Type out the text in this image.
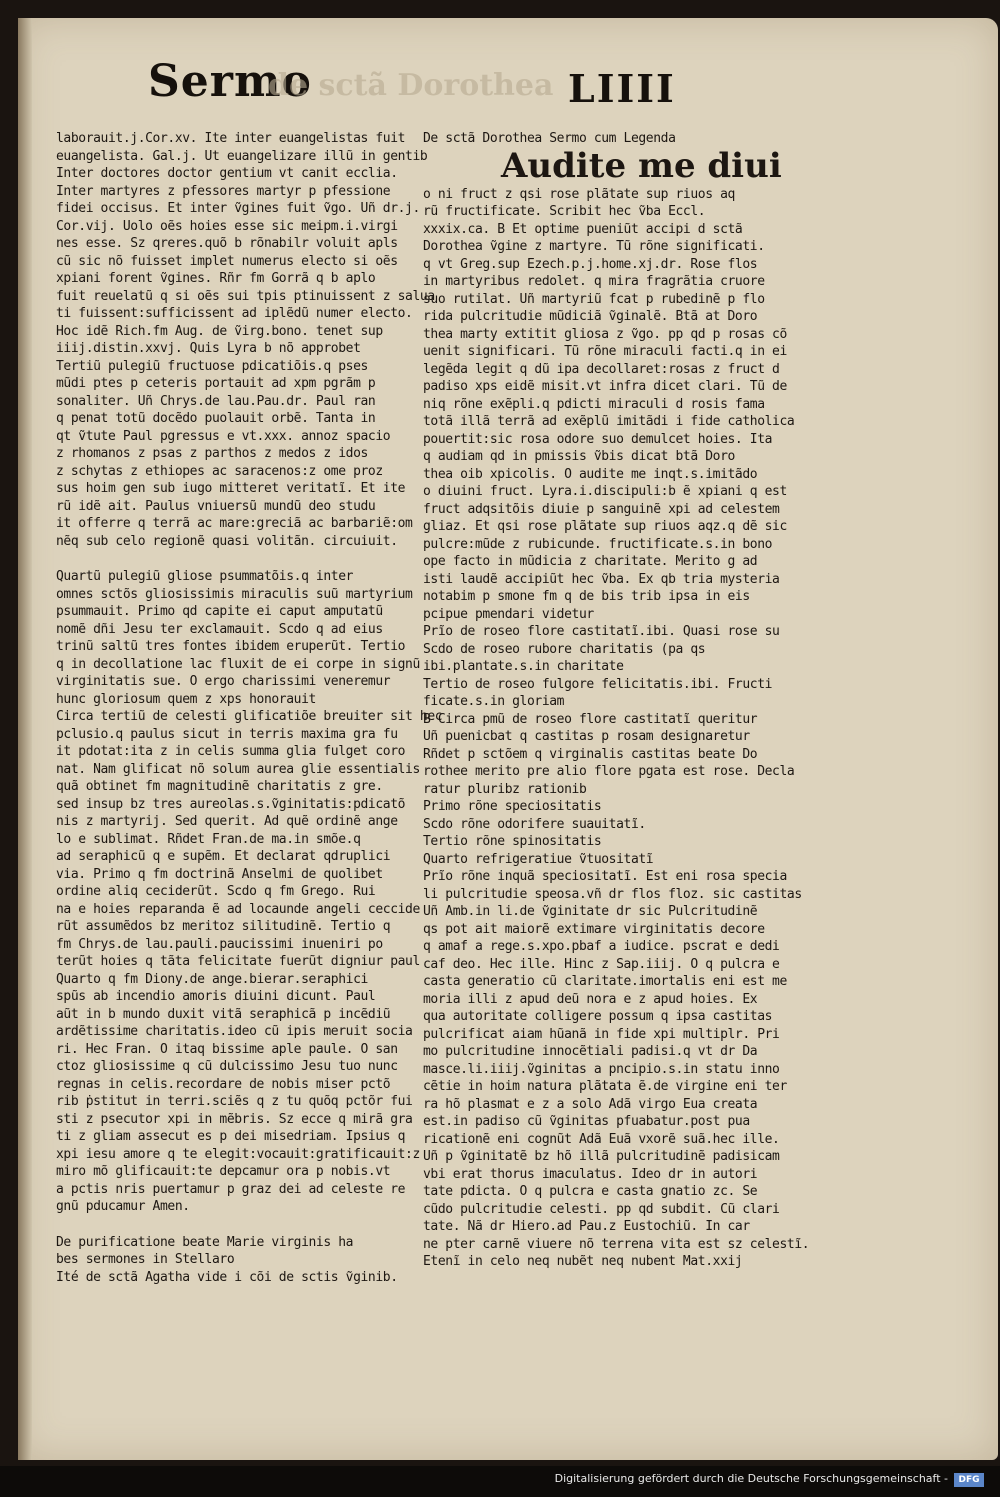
Sermo
de sctã Dorothea LIIII
laborauit.j.Cor.xv. Ite inter euangelistas fuit
euangelista. Gal.j. Ut euangelizare illũ in gentib
Inter doctores doctor gentium vt canit ecclia.
Inter martyres z pfessores martyr p pfessione
fidei occisus. Et inter ṽgines fuit ṽgo. Uñ dr.j.
Cor.vij. Uolo oẽs hoies esse sic meipm.i.virgi
nes esse. Sz qreres.quõ b rõnabilr voluit apls
cũ sic nõ fuisset implet numerus electo si oẽs
xpiani forent ṽgines. Rñr fm Gorrã q b aplo
fuit reuelatũ q si oẽs sui tpis ptinuissent z salua
ti fuissent:sufficissent ad iplẽdũ numer electo.
Hoc idẽ Rich.fm Aug. de ṽirg.bono. tenet sup
iiij.distin.xxvj. Quis Lyra b nõ approbet
Tertiũ pulegiũ fructuose pdicatiõis.q pses
mũdi ptes p ceteris portauit ad xpm pgrãm p
sonaliter. Uñ Chrys.de lau.Pau.dr. Paul ran
q penat totũ docẽdo puolauit orbẽ. Tanta in
qt ṽtute Paul pgressus e vt.xxx. annoz spacio
z rhomanos z psas z parthos z medos z idos
z schytas z ethiopes ac saracenos:z ome proz
sus hoim gen sub iugo mitteret veritatĩ. Et ite
rũ idẽ ait. Paulus vniuersũ mundũ deo studu
it offerre q terrã ac mare:greciã ac barbariẽ:om
nẽq sub celo regionẽ quasi volitãn. circuiuit.
Quartũ pulegiũ gliose psummatõis.q inter
omnes sctõs gliosissimis miraculis suũ martyrium
psummauit. Primo qd capite ei caput amputatũ
nomẽ dñi Jesu ter exclamauit. Scdo q ad eius
trinũ saltũ tres fontes ibidem eruperũt. Tertio
q in decollatione lac fluxit de ei corpe in signũ
virginitatis sue. O ergo charissimi veneremur
hunc gloriosum quem z xps honorauit
Circa tertiũ de celesti glificatiõe breuiter sit hec
pclusio.q paulus sicut in terris maxima gra fu
it pdotat:ita z in celis summa glia fulget coro
nat. Nam glificat nõ solum aurea glie essentialis
quã obtinet fm magnitudinẽ charitatis z gre.
sed insup bz tres aureolas.s.ṽginitatis:pdicatõ
nis z martyrij. Sed querit. Ad quẽ ordinẽ ange
lo e sublimat. Rñdet Fran.de ma.in smõe.q
ad seraphicũ q e supẽm. Et declarat qdruplici
via. Primo q fm doctrinã Anselmi de quolibet
ordine aliq ceciderũt. Scdo q fm Grego. Rui
na e hoies reparanda ẽ ad locaunde angeli ceccide
rũt assumẽdos bz meritoz silitudinẽ. Tertio q
fm Chrys.de lau.pauli.paucissimi inueniri po
terũt hoies q tãta felicitate fuerũt digniur paul
Quarto q fm Diony.de ange.bierar.seraphici
spũs ab incendio amoris diuini dicunt. Paul
aũt in b mundo duxit vitã seraphicã p incẽdiũ
ardẽtissime charitatis.ideo cũ ipis meruit socia
ri. Hec Fran. O itaq bissime aple paule. O san
ctoz gliosissime q cũ dulcissimo Jesu tuo nunc
regnas in celis.recordare de nobis miser pctõ
rib ṗstitut in terri.sciẽs q z tu quõq pctõr fui
sti z psecutor xpi in mẽbris. Sz ecce q mirã gra
ti z gliam assecut es p dei misedriam. Ipsius q
xpi iesu amore q te elegit:vocauit:gratificauit:z
miro mõ glificauit:te depcamur ora p nobis.vt
a pctis nris puertamur p graz dei ad celeste re
gnũ pducamur Amen.
De purificatione beate Marie virginis ha
bes sermones in Stellaro
Ité de sctã Agatha vide i cõi de sctis ṽginib.
De sctã Dorothea Sermo cum Legenda
Audite me diui
o ni fruct z qsi rose plãtate sup riuos aq
rũ fructificate. Scribit hec ṽba Eccl.
xxxix.ca. B Et optime pueniũt accipi d sctã
Dorothea ṽgine z martyre. Tũ rõne significati.
q vt Greg.sup Ezech.p.j.home.xj.dr. Rose flos
in martyribus redolet. q mira fragrãtia cruore
suo rutilat. Uñ martyriũ fcat p rubedinẽ p flo
rida pulcritudie mũdiciã ṽginalẽ. Btã at Doro
thea marty extitit gliosa z ṽgo. pp qd p rosas cõ
uenit significari. Tũ rõne miraculi facti.q in ei
legẽda legit q dũ ipa decollaret:rosas z fruct d
padiso xps eidẽ misit.vt infra dicet clari. Tũ de
niq rõne exẽpli.q pdicti miraculi d rosis fama
totã illã terrã ad exẽplũ imitãdi i fide catholica
pouertit:sic rosa odore suo demulcet hoies. Ita
q audiam qd in pmissis ṽbis dicat btã Doro
thea oib xpicolis. O audite me inqt.s.imitãdo
o diuini fruct. Lyra.i.discipuli:b ẽ xpiani q est
fruct adqsitõis diuie p sanguinẽ xpi ad celestem
gliaz. Et qsi rose plãtate sup riuos aqz.q dẽ sic
pulcre:mũde z rubicunde. fructificate.s.in bono
ope facto in mũdicia z charitate. Merito g ad
isti laudẽ accipiũt hec ṽba. Ex qb tria mysteria
notabim p smone fm q de bis trib ipsa in eis
pcipue pmendari videtur
Prĩo de roseo flore castitatĩ.ibi. Quasi rose su
Scdo de roseo rubore charitatis (pa qs
ibi.plantate.s.in charitate
Tertio de roseo fulgore felicitatis.ibi. Fructi
ficate.s.in gloriam
B Circa pmũ de roseo flore castitatĩ queritur
Uñ puenicbat q castitas p rosam designaretur
Rñdet p sctõem q virginalis castitas beate Do
rothee merito pre alio flore pgata est rose. Decla
ratur pluribz rationib
Primo rõne speciositatis
Scdo rõne odorifere suauitatĩ.
Tertio rõne spinositatis
Quarto refrigeratiue ṽtuositatĩ
Prĩo rõne inquã speciositatĩ. Est eni rosa specia
li pulcritudie speosa.vñ dr flos floz. sic castitas
Uñ Amb.in li.de ṽginitate dr sic Pulcritudinẽ
qs pot ait maiorẽ extimare virginitatis decore
q amaf a rege.s.xpo.pbaf a iudice. pscrat e dedi
caf deo. Hec ille. Hinc z Sap.iiij. O q pulcra e
casta generatio cũ claritate.imortalis eni est me
moria illi z apud deũ nora e z apud hoies. Ex
qua autoritate colligere possum q ipsa castitas
pulcrificat aiam hũanã in fide xpi multiplr. Pri
mo pulcritudine innocẽtiali padisi.q vt dr Da
masce.li.iiij.ṽginitas a pncipio.s.in statu inno
cẽtie in hoim natura plãtata ẽ.de virgine eni ter
ra hõ plasmat e z a solo Adã virgo Eua creata
est.in padiso cũ ṽginitas pfuabatur.post pua
ricationẽ eni cognũt Adã Euã vxorẽ suã.hec ille.
Uñ p ṽginitatẽ bz hõ illã pulcritudinẽ padisicam
vbi erat thorus imaculatus. Ideo dr in autori
tate pdicta. O q pulcra e casta gnatio zc. Se
cũdo pulcritudie celesti. pp qd subdit. Cũ clari
tate. Nã dr Hiero.ad Pau.z Eustochiũ. In car
ne pter carnẽ viuere nõ terrena vita est sz celestĩ.
Etenĩ in celo neq nubẽt neq nubent Mat.xxij
Digitalisierung gefördert durch die Deutsche Forschungsgemeinschaft -	DFG
